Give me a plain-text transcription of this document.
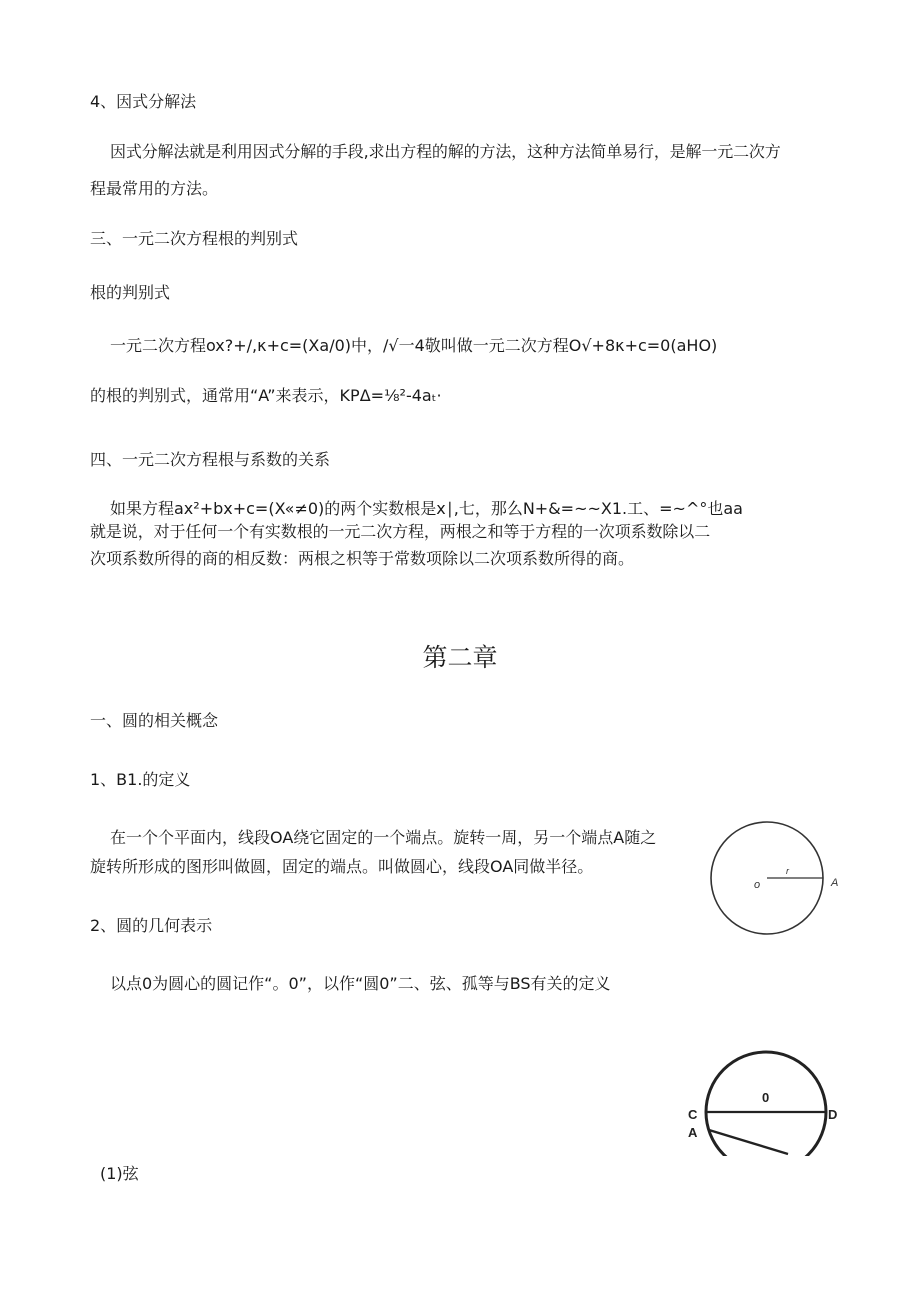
4、因式分解法
因式分解法就是利用因式分解的手段,求出方程的解的方法，这种方法简单易行，是解一元二次方
程最常用的方法。
三、一元二次方程根的判别式
根的判别式
一元二次方程ox?+/,κ+c=(Xa/0)中，∕√一4敬叫做一元二次方程O√+8κ+c=0(aHO)
的根的判别式，通常用“A”来表示，KPΔ=⅛²-4aₜ·
四、一元二次方程根与系数的关系
如果方程ax²+bx+c=(X«≠0)的两个实数根是x∣,七，那么N+&=~~X1.工、=~^°也aa
就是说，对于任何一个有实数根的一元二次方程，两根之和等于方程的一次项系数除以二
次项系数所得的商的相反数：两根之枳等于常数项除以二次项系数所得的商。
第二章
一、圆的相关概念
1、B1.的定义
在一个个平面内，线段OA绕它固定的一个端点。旋转一周，另一个端点A随之
旋转所形成的图形叫做圆，固定的端点。叫做圆心，线段OA同做半径。
2、圆的几何表示
以点0为圆心的圆记作“。0”，以作“圆0”二、弦、孤等与BS有关的定义
(1)弦
o
r
A
0
C	D
A
